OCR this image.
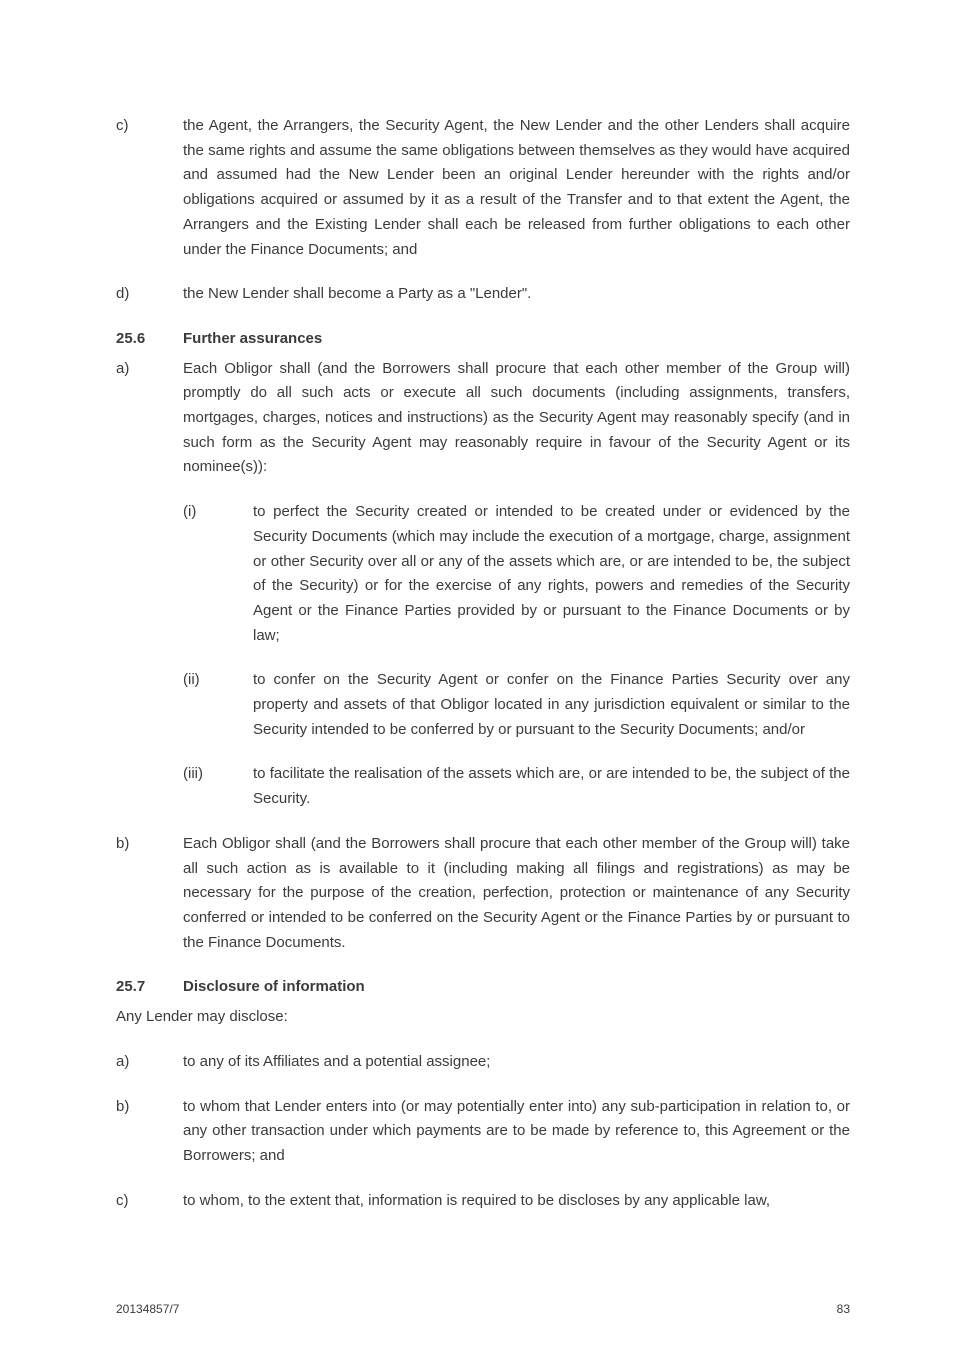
c)	the Agent, the Arrangers, the Security Agent, the New Lender and the other Lenders shall acquire the same rights and assume the same obligations between themselves as they would have acquired and assumed had the New Lender been an original Lender hereunder with the rights and/or obligations acquired or assumed by it as a result of the Transfer and to that extent the Agent, the Arrangers and the Existing Lender shall each be released from further obligations to each other under the Finance Documents; and

d)	the New Lender shall become a Party as a "Lender".

25.6	Further assurances

a)	Each Obligor shall (and the Borrowers shall procure that each other member of the Group will) promptly do all such acts or execute all such documents (including assignments, transfers, mortgages, charges, notices and instructions) as the Security Agent may reasonably specify (and in such form as the Security Agent may reasonably require in favour of the Security Agent or its nominee(s)):

(i)	to perfect the Security created or intended to be created under or evidenced by the Security Documents (which may include the execution of a mortgage, charge, assignment or other Security over all or any of the assets which are, or are intended to be, the subject of the Security) or for the exercise of any rights, powers and remedies of the Security Agent or the Finance Parties provided by or pursuant to the Finance Documents or by law;

(ii)	to confer on the Security Agent or confer on the Finance Parties Security over any property and assets of that Obligor located in any jurisdiction equivalent or similar to the Security intended to be conferred by or pursuant to the Security Documents; and/or

(iii)	to facilitate the realisation of the assets which are, or are intended to be, the subject of the Security.

b)	Each Obligor shall (and the Borrowers shall procure that each other member of the Group will) take all such action as is available to it (including making all filings and registrations) as may be necessary for the purpose of the creation, perfection, protection or maintenance of any Security conferred or intended to be conferred on the Security Agent or the Finance Parties by or pursuant to the Finance Documents.

25.7	Disclosure of information

Any Lender may disclose:

a)	to any of its Affiliates and a potential assignee;

b)	to whom that Lender enters into (or may potentially enter into) any sub-participation in relation to, or any other transaction under which payments are to be made by reference to, this Agreement or the Borrowers; and

c)	to whom, to the extent that, information is required to be discloses by any applicable law,

20134857/7	83
